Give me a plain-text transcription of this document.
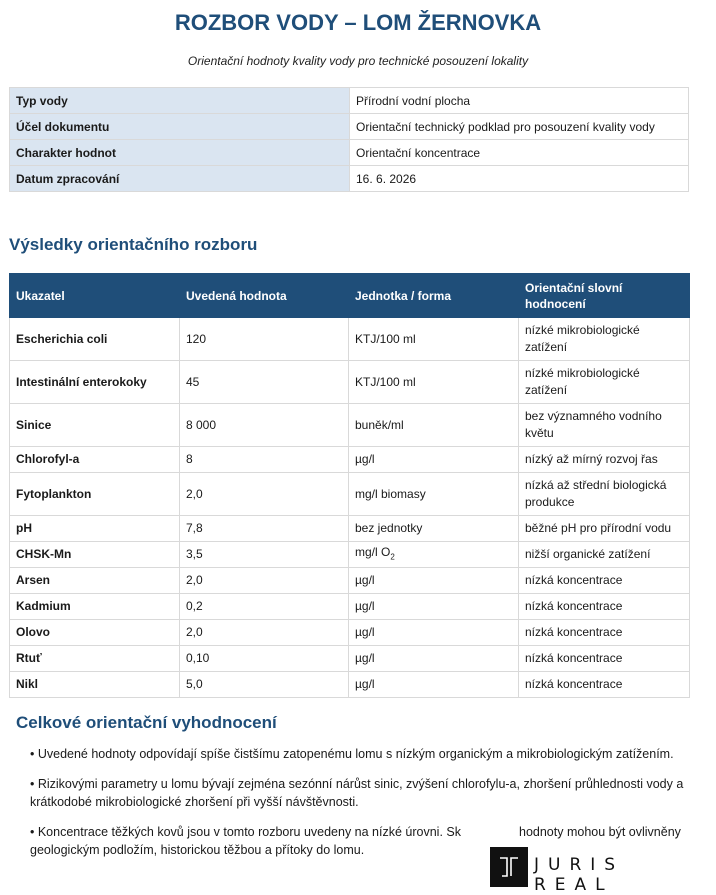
ROZBOR VODY – LOM ŽERNOVKA
Orientační hodnoty kvality vody pro technické posouzení lokality
Typ vody	Přírodní vodní plocha
Účel dokumentu	Orientační technický podklad pro posouzení kvality vody
Charakter hodnot	Orientační koncentrace
Datum zpracování	16. 6. 2026
Výsledky orientačního rozboru
Ukazatel	Uvedená hodnota	Jednotka / forma	Orientační slovní hodnocení
Escherichia coli	120	KTJ/100 ml	nízké mikrobiologické zatížení
Intestinální enterokoky	45	KTJ/100 ml	nízké mikrobiologické zatížení
Sinice	8 000	buněk/ml	bez významného vodního květu
Chlorofyl-a	8	µg/l	nízký až mírný rozvoj řas
Fytoplankton	2,0	mg/l biomasy	nízká až střední biologická produkce
pH	7,8	bez jednotky	běžné pH pro přírodní vodu
CHSK-Mn	3,5	mg/l $O_2$	nižší organické zatížení
Arsen	2,0	µg/l	nízká koncentrace
Kadmium	0,2	µg/l	nízká koncentrace
Olovo	2,0	µg/l	nízká koncentrace
Rtuť	0,10	µg/l	nízká koncentrace
Nikl	5,0	µg/l	nízká koncentrace
Celkové orientační vyhodnocení

• Uvedené hodnoty odpovídají spíše čistšímu zatopenému lomu s nízkým organickým a mikrobiologickým zatížením.

• Rizikovými parametry u lomu bývají zejména sezónní nárůst sinic, zvýšení chlorofylu-a, zhoršení průhlednosti vody a krátkodobé mikrobiologické zhoršení při vyšší návštěvnosti.

• Koncentrace těžkých kovů jsou v tomto rozboru uvedeny na nízké úrovni. Sk	hodnoty mohou být ovlivněny geologickým podložím, historickou těžbou a přítoky do lomu.

JURIS REAL
